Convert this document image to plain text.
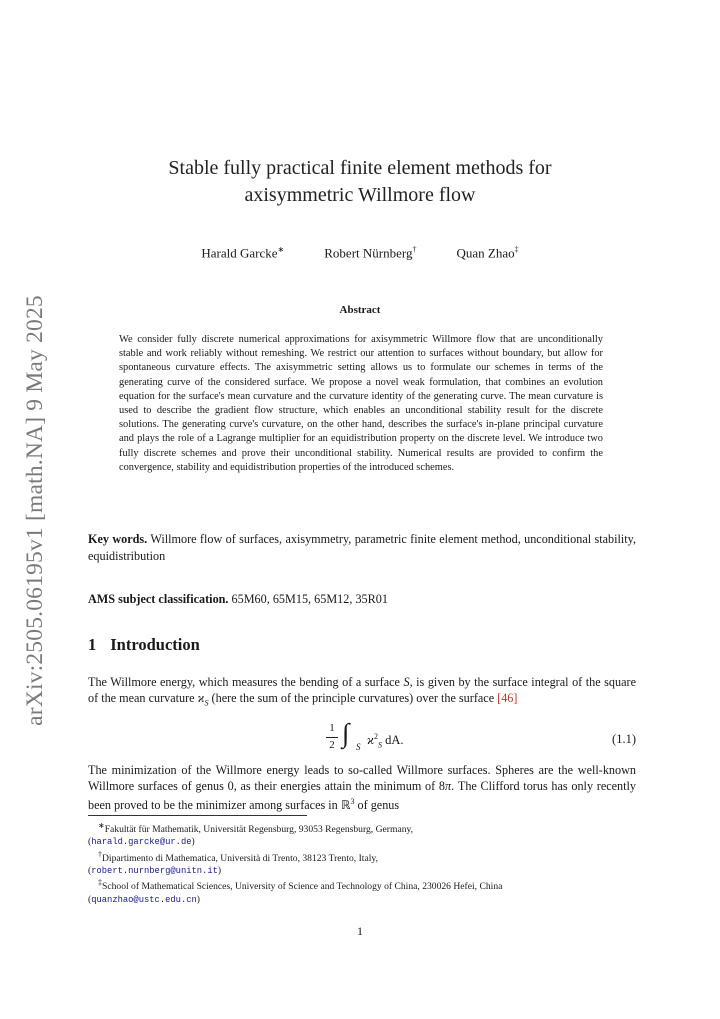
arXiv:2505.06195v1 [math.NA] 9 May 2025
Stable fully practical finite element methods for
axisymmetric Willmore flow
Harald Garcke∗	Robert Nürnberg†	Quan Zhao‡
Abstract
We consider fully discrete numerical approximations for axisymmetric Willmore flow that are unconditionally stable and work reliably without remeshing. We restrict our attention to surfaces without boundary, but allow for spontaneous curvature effects. The axisymmetric setting allows us to formulate our schemes in terms of the generating curve of the considered surface. We propose a novel weak formulation, that combines an evolution equation for the surface's mean curvature and the curvature identity of the generating curve. The mean curvature is used to describe the gradient flow structure, which enables an unconditional stability result for the discrete solutions. The generating curve's curvature, on the other hand, describes the surface's in-plane principal curvature and plays the role of a Lagrange multiplier for an equidistribution property on the discrete level. We introduce two fully discrete schemes and prove their unconditional stability. Numerical results are provided to confirm the convergence, stability and equidistribution properties of the introduced schemes.
Key words. Willmore flow of surfaces, axisymmetry, parametric finite element method, unconditional stability, equidistribution
AMS subject classification. 65M60, 65M15, 65M12, 35R01
1 Introduction
The Willmore energy, which measures the bending of a surface S, is given by the surface integral of the square of the mean curvature $ϰ_S$ (here the sum of the principle curvatures) over the surface [46]
1
2 ∫ S $ϰ^2_S$ dA.	(1.1)
The minimization of the Willmore energy leads to so-called Willmore surfaces. Spheres are the well-known Willmore surfaces of genus 0, as their energies attain the minimum of 8π. The Clifford torus has only recently been proved to be the minimizer among surfaces in ℝ$^3$ of genus
∗Fakultät für Mathematik, Universität Regensburg, 93053 Regensburg, Germany,
(harald.garcke@ur.de)
†Dipartimento di Mathematica, Università di Trento, 38123 Trento, Italy,
(robert.nurnberg@unitn.it)
‡School of Mathematical Sciences, University of Science and Technology of China, 230026 Hefei, China
(quanzhao@ustc.edu.cn)
1
